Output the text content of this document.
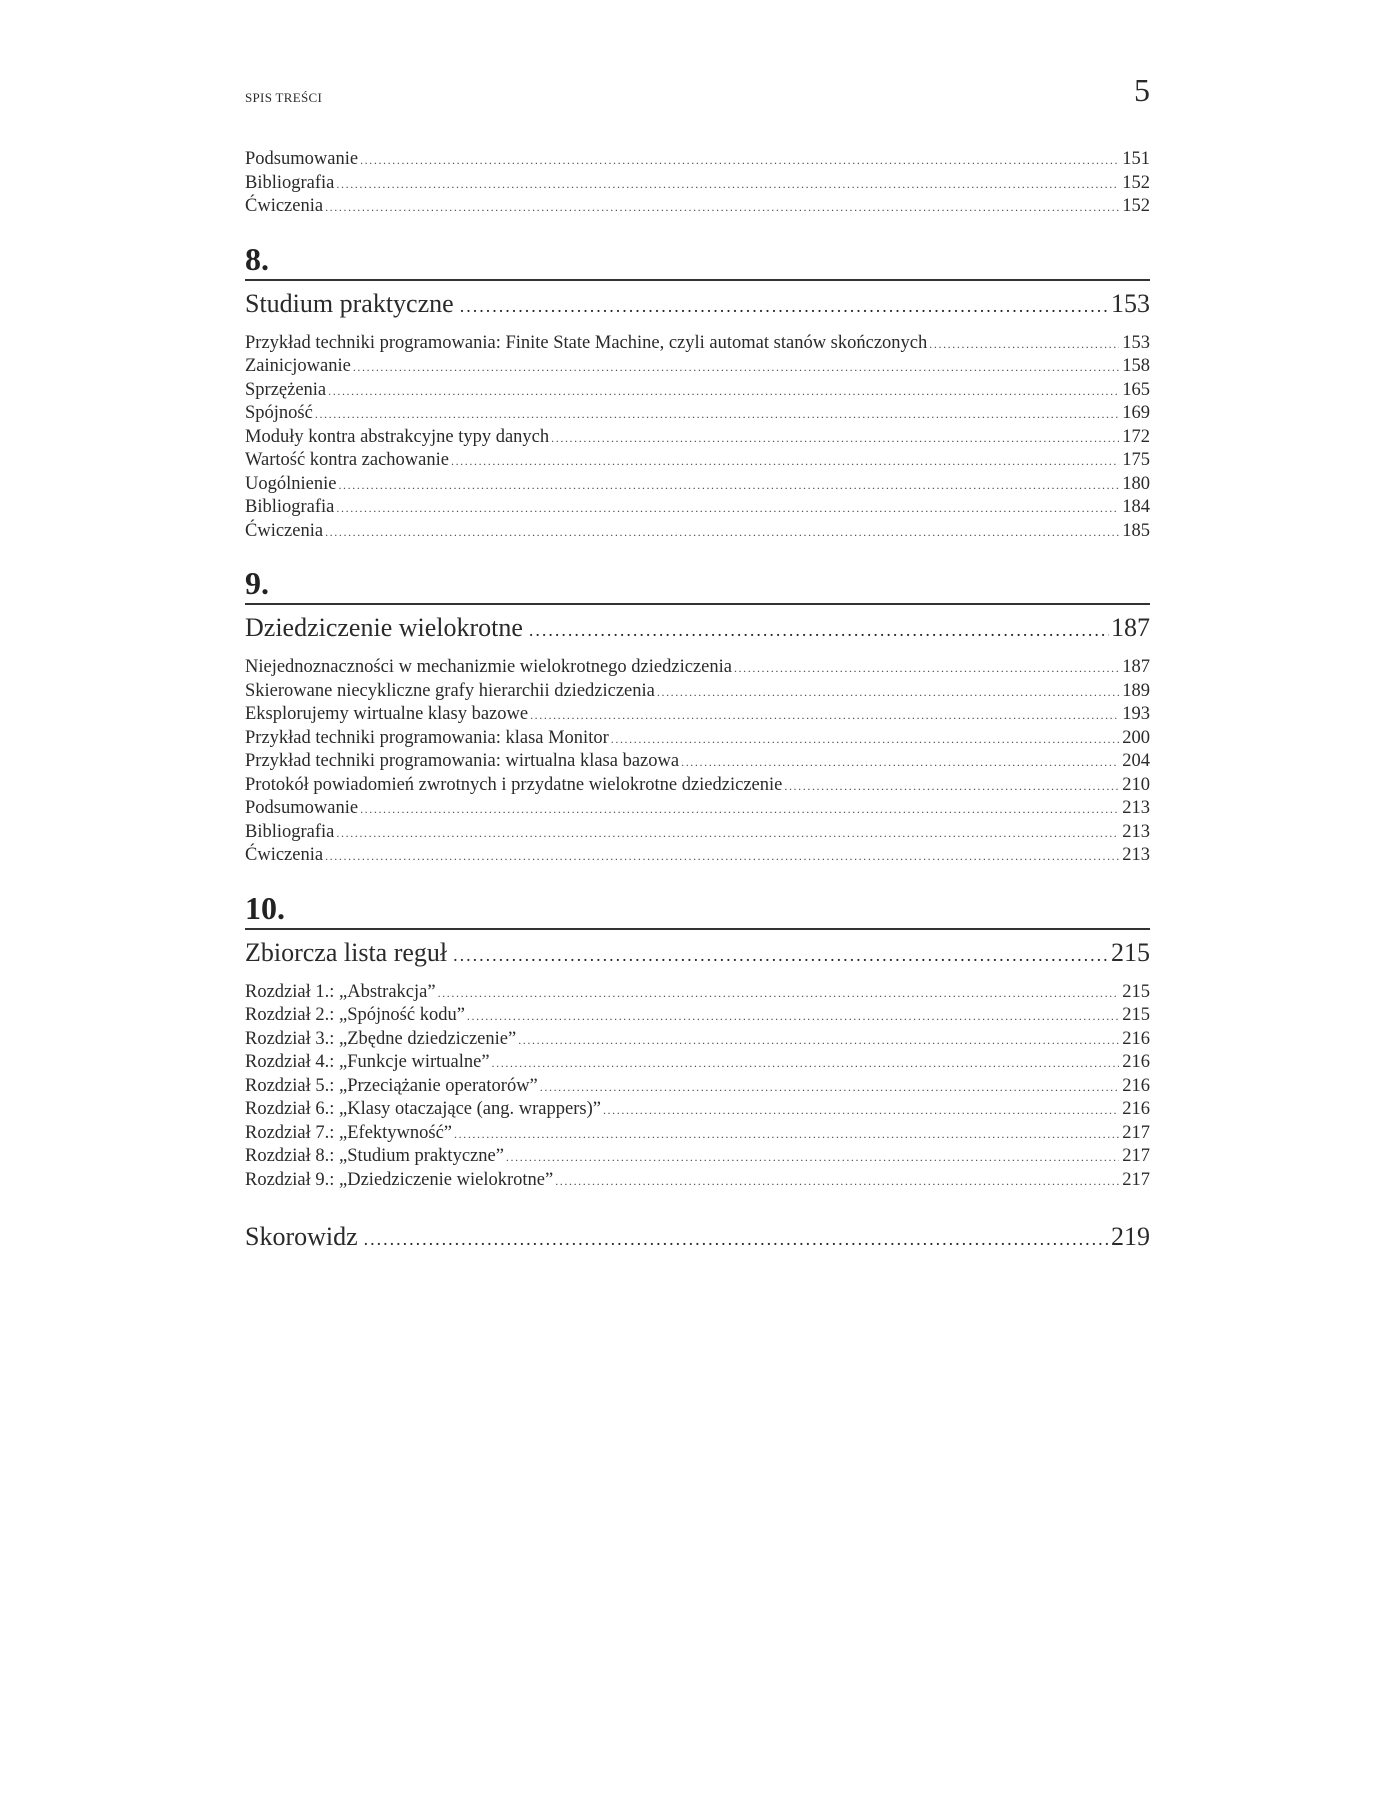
SPIS TREŚCI	5
Podsumowanie .....	151
Bibliografia .....	152
Ćwiczenia .....	152
8.
Studium praktyczne .....	153
Przykład techniki programowania: Finite State Machine, czyli automat stanów skończonych .....	153
Zainicjowanie .....	158
Sprzężenia .....	165
Spójność .....	169
Moduły kontra abstrakcyjne typy danych .....	172
Wartość kontra zachowanie .....	175
Uogólnienie .....	180
Bibliografia .....	184
Ćwiczenia .....	185
9.
Dziedziczenie wielokrotne .....	187
Niejednoznaczności w mechanizmie wielokrotnego dziedziczenia .....	187
Skierowane niecykliczne grafy hierarchii dziedziczenia .....	189
Eksplorujemy wirtualne klasy bazowe .....	193
Przykład techniki programowania: klasa Monitor .....	200
Przykład techniki programowania: wirtualna klasa bazowa .....	204
Protokół powiadomień zwrotnych i przydatne wielokrotne dziedziczenie .....	210
Podsumowanie .....	213
Bibliografia .....	213
Ćwiczenia .....	213
10.
Zbiorcza lista reguł .....	215
Rozdział 1.: „Abstrakcja” .....	215
Rozdział 2.: „Spójność kodu” .....	215
Rozdział 3.: „Zbędne dziedziczenie” .....	216
Rozdział 4.: „Funkcje wirtualne” .....	216
Rozdział 5.: „Przeciążanie operatorów” .....	216
Rozdział 6.: „Klasy otaczające (ang. wrappers)” .....	216
Rozdział 7.: „Efektywność” .....	217
Rozdział 8.: „Studium praktyczne” .....	217
Rozdział 9.: „Dziedziczenie wielokrotne” .....	217
Skorowidz .....	219
